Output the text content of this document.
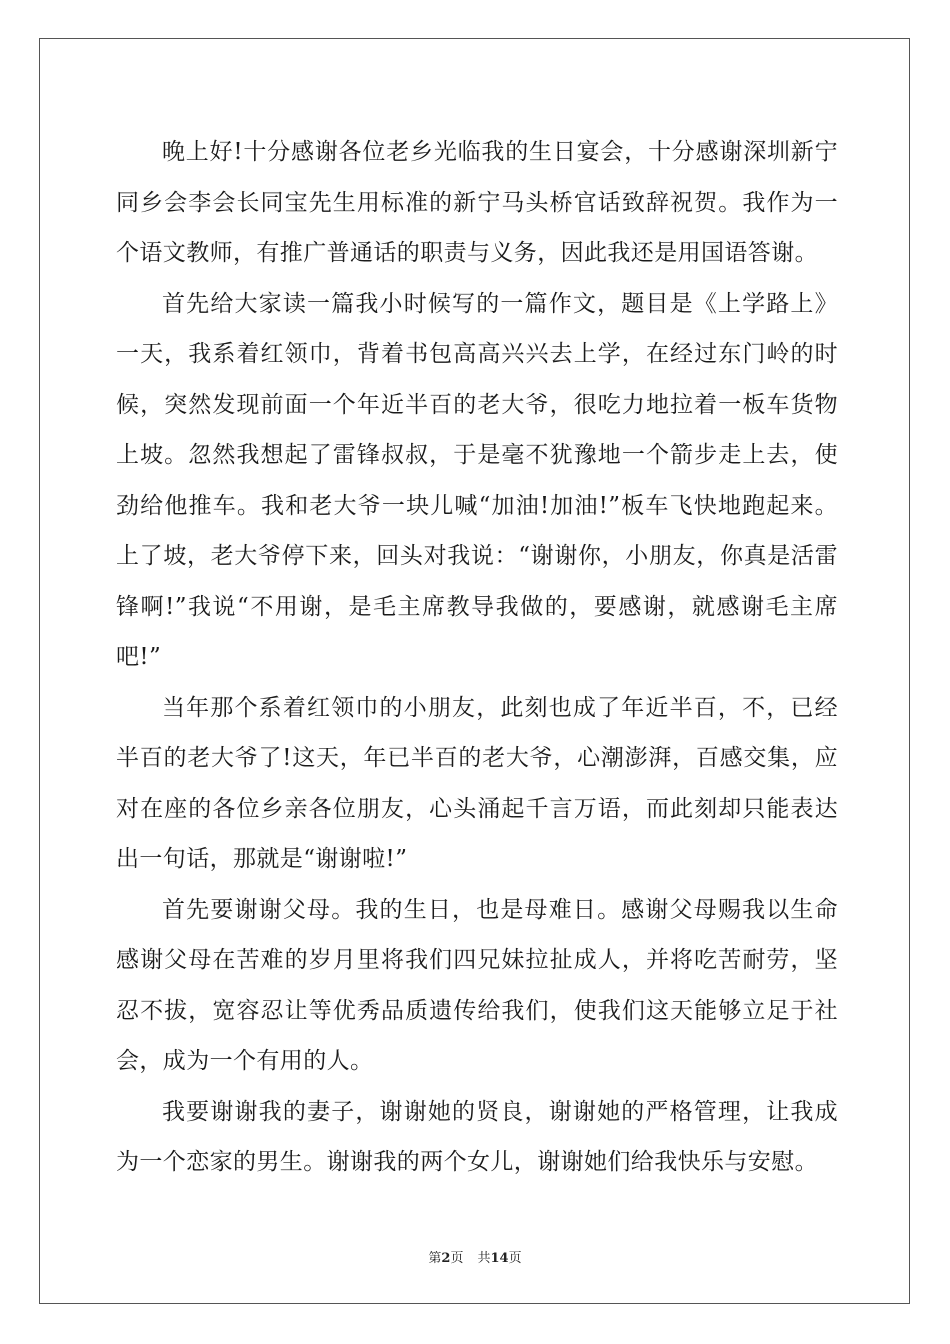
晚上好!十分感谢各位老乡光临我的生日宴会，十分感谢深圳新宁同乡会李会长同宝先生用标准的新宁马头桥官话致辞祝贺。我作为一个语文教师，有推广普通话的职责与义务，因此我还是用国语答谢。

首先给大家读一篇我小时候写的一篇作文，题目是《上学路上》一天，我系着红领巾，背着书包高高兴兴去上学，在经过东门岭的时候，突然发现前面一个年近半百的老大爷，很吃力地拉着一板车货物上坡。忽然我想起了雷锋叔叔，于是毫不犹豫地一个箭步走上去，使劲给他推车。我和老大爷一块儿喊“加油!加油!”板车飞快地跑起来。上了坡，老大爷停下来，回头对我说：“谢谢你，小朋友，你真是活雷锋啊!”我说“不用谢，是毛主席教导我做的，要感谢，就感谢毛主席吧!”

当年那个系着红领巾的小朋友，此刻也成了年近半百，不，已经半百的老大爷了!这天，年已半百的老大爷，心潮澎湃，百感交集，应对在座的各位乡亲各位朋友，心头涌起千言万语，而此刻却只能表达出一句话，那就是“谢谢啦!”

首先要谢谢父母。我的生日，也是母难日。感谢父母赐我以生命感谢父母在苦难的岁月里将我们四兄妹拉扯成人，并将吃苦耐劳，坚忍不拔，宽容忍让等优秀品质遗传给我们，使我们这天能够立足于社会，成为一个有用的人。

我要谢谢我的妻子，谢谢她的贤良，谢谢她的严格管理，让我成为一个恋家的男生。谢谢我的两个女儿，谢谢她们给我快乐与安慰。

第2页 共14页
